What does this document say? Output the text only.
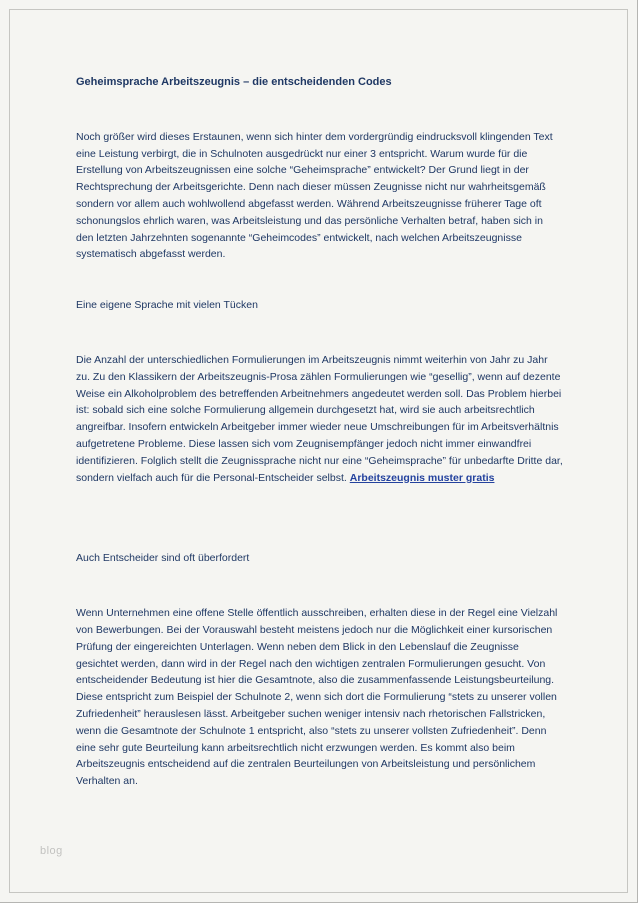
Geheimsprache Arbeitszeugnis – die entscheidenden Codes

Noch größer wird dieses Erstaunen, wenn sich hinter dem vordergründig eindrucksvoll klingenden Text eine Leistung verbirgt, die in Schulnoten ausgedrückt nur einer 3 entspricht. Warum wurde für die Erstellung von Arbeitszeugnissen eine solche “Geheimsprache” entwickelt? Der Grund liegt in der Rechtsprechung der Arbeitsgerichte. Denn nach dieser müssen Zeugnisse nicht nur wahrheitsgemäß sondern vor allem auch wohlwollend abgefasst werden. Während Arbeitszeugnisse früherer Tage oft schonungslos ehrlich waren, was Arbeitsleistung und das persönliche Verhalten betraf, haben sich in den letzten Jahrzehnten sogenannte “Geheimcodes” entwickelt, nach welchen Arbeitszeugnisse systematisch abgefasst werden.

Eine eigene Sprache mit vielen Tücken

Die Anzahl der unterschiedlichen Formulierungen im Arbeitszeugnis nimmt weiterhin von Jahr zu Jahr zu. Zu den Klassikern der Arbeitszeugnis-Prosa zählen Formulierungen wie “gesellig”, wenn auf dezente Weise ein Alkoholproblem des betreffenden Arbeitnehmers angedeutet werden soll. Das Problem hierbei ist: sobald sich eine solche Formulierung allgemein durchgesetzt hat, wird sie auch arbeitsrechtlich angreifbar. Insofern entwickeln Arbeitgeber immer wieder neue Umschreibungen für im Arbeitsverhältnis aufgetretene Probleme. Diese lassen sich vom Zeugnisempfänger jedoch nicht immer einwandfrei identifizieren. Folglich stellt die Zeugnissprache nicht nur eine “Geheimsprache” für unbedarfte Dritte dar, sondern vielfach auch für die Personal-Entscheider selbst. Arbeitszeugnis muster gratis

Auch Entscheider sind oft überfordert

Wenn Unternehmen eine offene Stelle öffentlich ausschreiben, erhalten diese in der Regel eine Vielzahl von Bewerbungen. Bei der Vorauswahl besteht meistens jedoch nur die Möglichkeit einer kursorischen Prüfung der eingereichten Unterlagen. Wenn neben dem Blick in den Lebenslauf die Zeugnisse gesichtet werden, dann wird in der Regel nach den wichtigen zentralen Formulierungen gesucht. Von entscheidender Bedeutung ist hier die Gesamtnote, also die zusammenfassende Leistungsbeurteilung. Diese entspricht zum Beispiel der Schulnote 2, wenn sich dort die Formulierung “stets zu unserer vollen Zufriedenheit” herauslesen lässt. Arbeitgeber suchen weniger intensiv nach rhetorischen Fallstricken, wenn die Gesamtnote der Schulnote 1 entspricht, also “stets zu unserer vollsten Zufriedenheit”. Denn eine sehr gute Beurteilung kann arbeitsrechtlich nicht erzwungen werden. Es kommt also beim Arbeitszeugnis entscheidend auf die zentralen Beurteilungen von Arbeitsleistung und persönlichem Verhalten an.

blog
